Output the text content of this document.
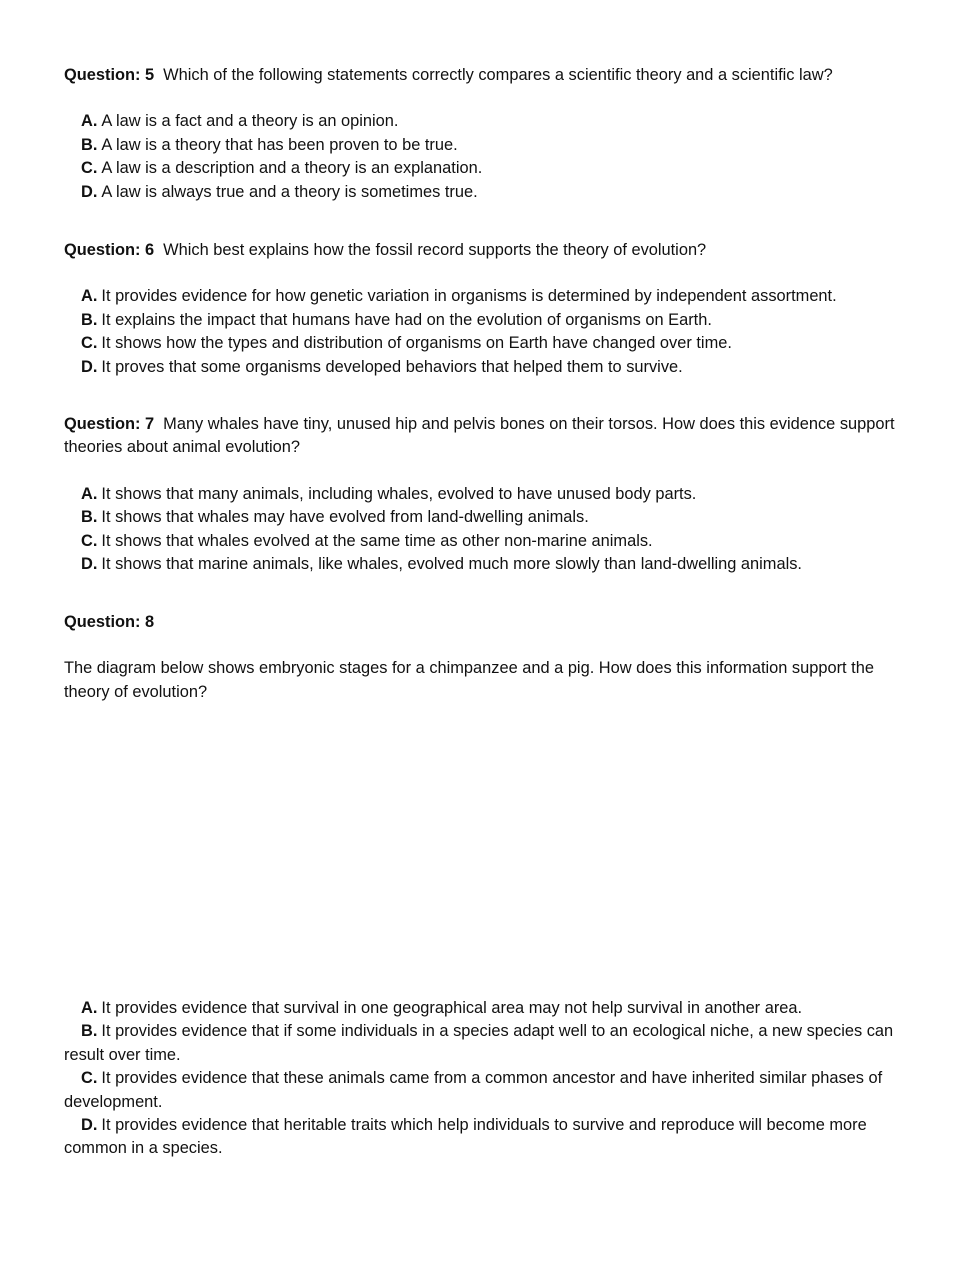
Question: 5 Which of the following statements correctly compares a scientific theory and a scientific law?
A. A law is a fact and a theory is an opinion.
B. A law is a theory that has been proven to be true.
C. A law is a description and a theory is an explanation.
D. A law is always true and a theory is sometimes true.
Question: 6 Which best explains how the fossil record supports the theory of evolution?
A. It provides evidence for how genetic variation in organisms is determined by independent assortment.
B. It explains the impact that humans have had on the evolution of organisms on Earth.
C. It shows how the types and distribution of organisms on Earth have changed over time.
D. It proves that some organisms developed behaviors that helped them to survive.
Question: 7 Many whales have tiny, unused hip and pelvis bones on their torsos. How does this evidence support theories about animal evolution?
A. It shows that many animals, including whales, evolved to have unused body parts.
B. It shows that whales may have evolved from land-dwelling animals.
C. It shows that whales evolved at the same time as other non-marine animals.
D. It shows that marine animals, like whales, evolved much more slowly than land-dwelling animals.
Question: 8
The diagram below shows embryonic stages for a chimpanzee and a pig. How does this information support the theory of evolution?
A. It provides evidence that survival in one geographical area may not help survival in another area.
B. It provides evidence that if some individuals in a species adapt well to an ecological niche, a new species can result over time.
C. It provides evidence that these animals came from a common ancestor and have inherited similar phases of development.
D. It provides evidence that heritable traits which help individuals to survive and reproduce will become more common in a species.
